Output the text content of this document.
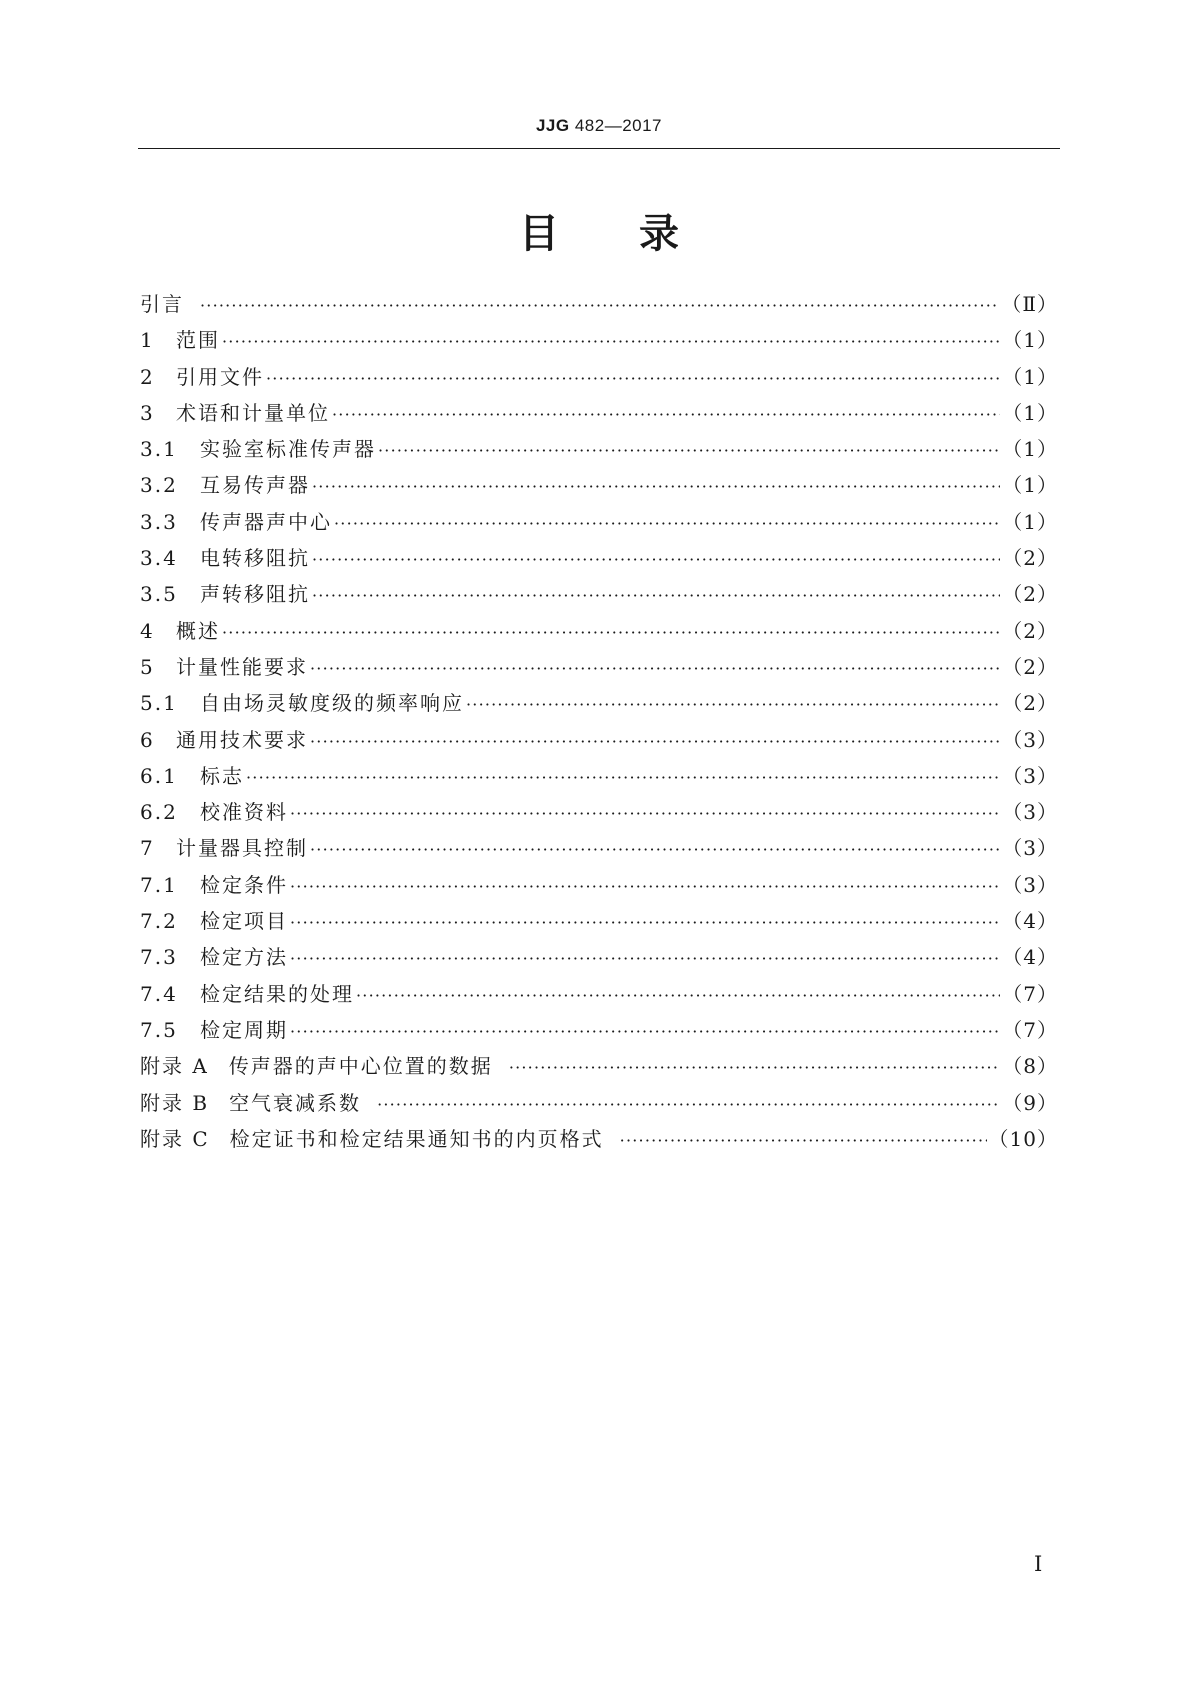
JJG 482—2017
目 录
引言 ·····	（Ⅱ）
1	范围 ·····	（1）
2	引用文件 ·····	（1）
3	术语和计量单位 ·····	（1）
3.1	实验室标准传声器 ·····	（1）
3.2	互易传声器 ·····	（1）
3.3	传声器声中心 ·····	（1）
3.4	电转移阻抗 ·····	（2）
3.5	声转移阻抗 ·····	（2）
4	概述 ·····	（2）
5	计量性能要求 ·····	（2）
5.1	自由场灵敏度级的频率响应 ·····	（2）
6	通用技术要求 ·····	（3）
6.1	标志 ·····	（3）
6.2	校准资料 ·····	（3）
7	计量器具控制 ·····	（3）
7.1	检定条件 ·····	（3）
7.2	检定项目 ·····	（4）
7.3	检定方法 ·····	（4）
7.4	检定结果的处理 ·····	（7）
7.5	检定周期 ·····	（7）
附录 A 传声器的声中心位置的数据 ·····	（8）
附录 B 空气衰减系数 ·····	（9）
附录 C 检定证书和检定结果通知书的内页格式 ·····	（10）
Ⅰ
